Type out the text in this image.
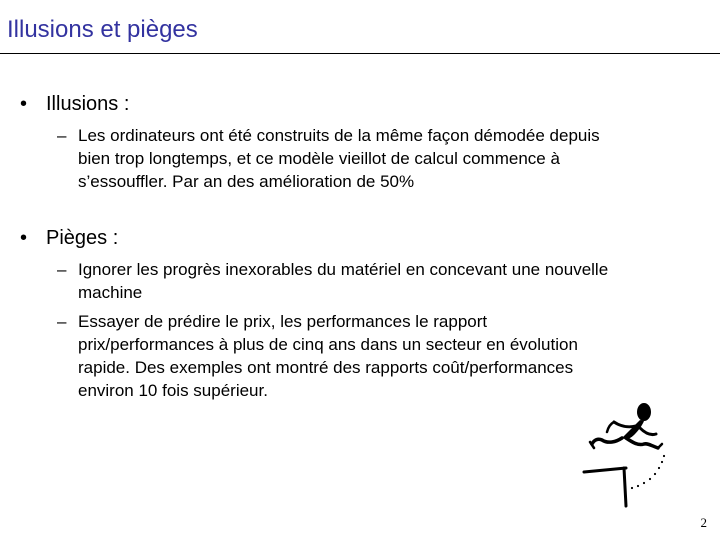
Illusions et pièges
• Illusions :
– Les ordinateurs ont été construits de la même façon démodée depuis
bien trop longtemps, et ce modèle vieillot de calcul commence à
s’essouffler. Par an des amélioration de 50%
• Pièges :
– Ignorer les progrès inexorables du matériel en concevant une nouvelle
machine
– Essayer de prédire le prix, les performances le rapport
prix/performances à plus de cinq ans dans un secteur en évolution
rapide. Des exemples ont montré des rapports coût/performances
environ 10 fois supérieur.
2
